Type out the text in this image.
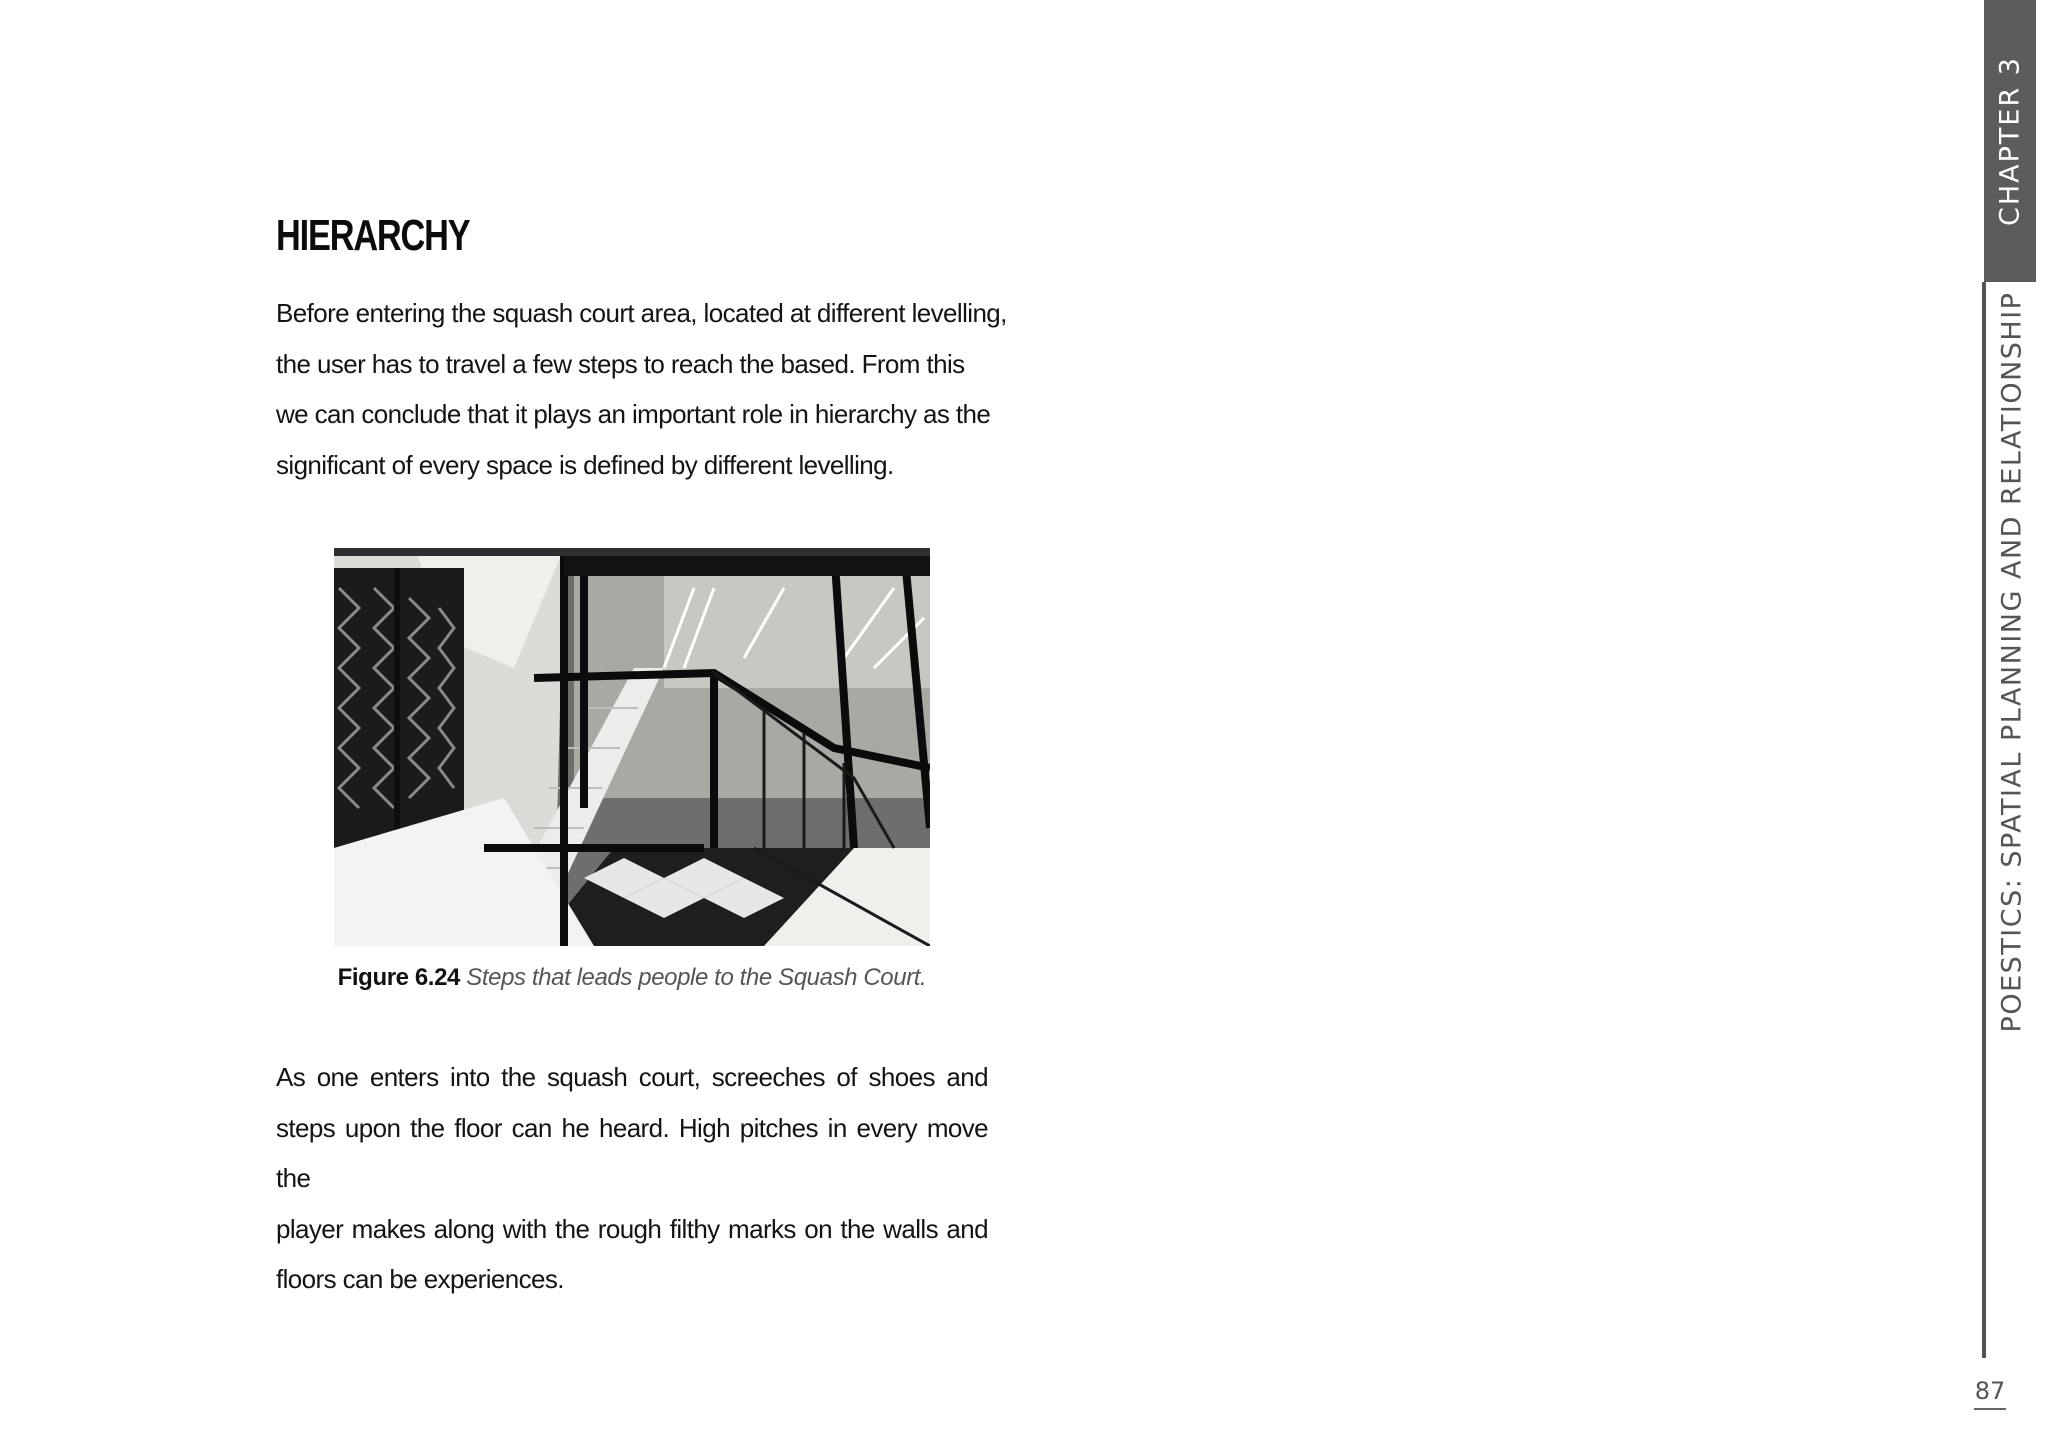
HIERARCHY

Before entering the squash court area, located at different levelling,
the user has to travel a few steps to reach the based. From this
we can conclude that it plays an important role in hierarchy as the
significant of every space is defined by different levelling.

Figure 6.24 Steps that leads people to the Squash Court.

As one enters into the squash court, screeches of shoes and
steps upon the floor can he heard. High pitches in every move the
player makes along with the rough filthy marks on the walls and
floors can be experiences.

CHAPTER 3
POESTICS: SPATIAL PLANNING AND RELATIONSHIP
87
